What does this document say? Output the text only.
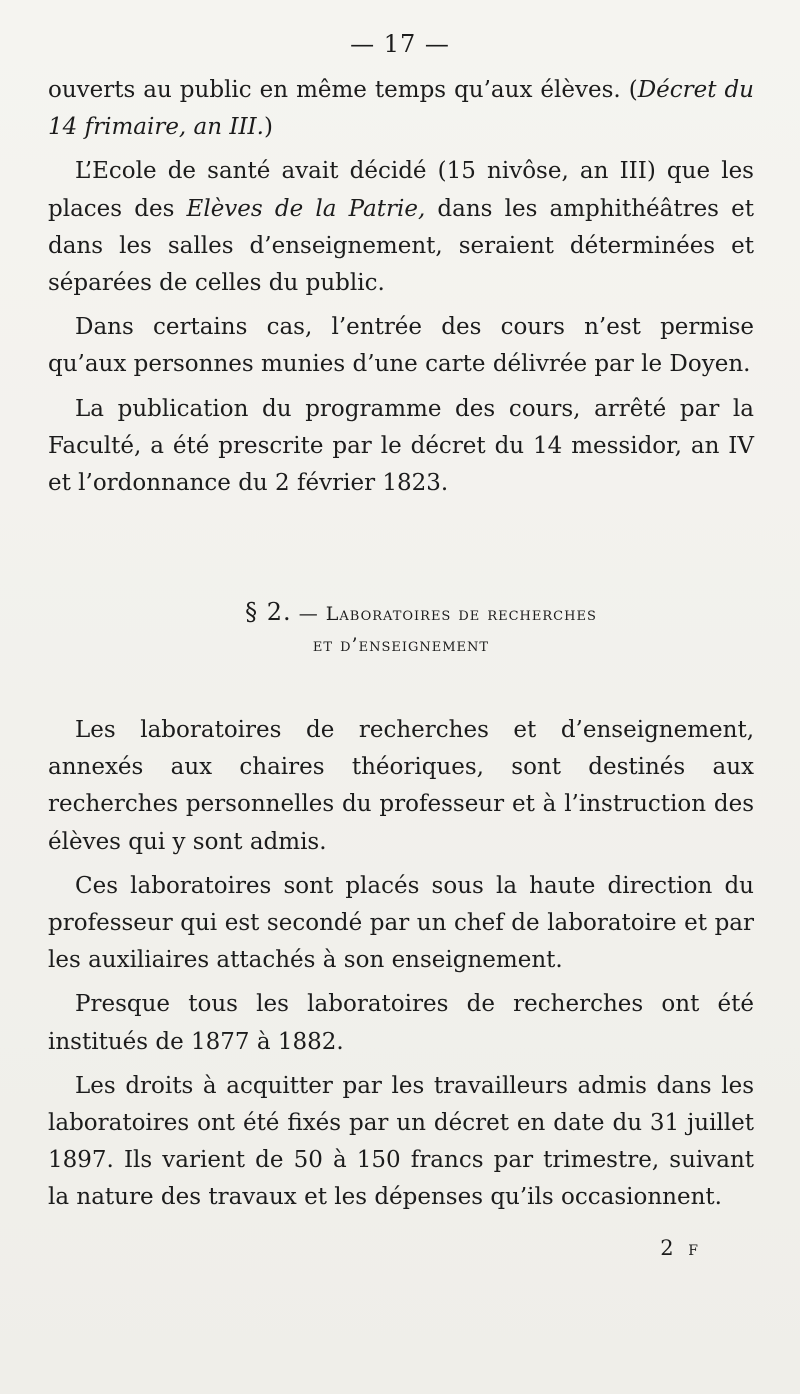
— 17 —

ouverts au public en même temps qu’aux élèves. (Décret du 14 frimaire, an III.)

L’Ecole de santé avait décidé (15 nivôse, an III) que les places des Elèves de la Patrie, dans les amphithéâtres et dans les salles d’enseignement, seraient déterminées et séparées de celles du public.

Dans certains cas, l’entrée des cours n’est permise qu’aux personnes munies d’une carte délivrée par le Doyen.

La publication du programme des cours, arrêté par la Faculté, a été prescrite par le décret du 14 messidor, an IV et l’ordonnance du 2 février 1823.

§ 2. — Laboratoires de recherches
et d’enseignement

Les laboratoires de recherches et d’enseignement, annexés aux chaires théoriques, sont destinés aux recherches personnelles du professeur et à l’instruction des élèves qui y sont admis.

Ces laboratoires sont placés sous la haute direction du professeur qui est secondé par un chef de laboratoire et par les auxiliaires attachés à son enseignement.

Presque tous les laboratoires de recherches ont été institués de 1877 à 1882.

Les droits à acquitter par les travailleurs admis dans les laboratoires ont été fixés par un décret en date du 31 juillet 1897. Ils varient de 50 à 150 francs par trimestre, suivant la nature des travaux et les dépenses qu’ils occasionnent.

2 F
